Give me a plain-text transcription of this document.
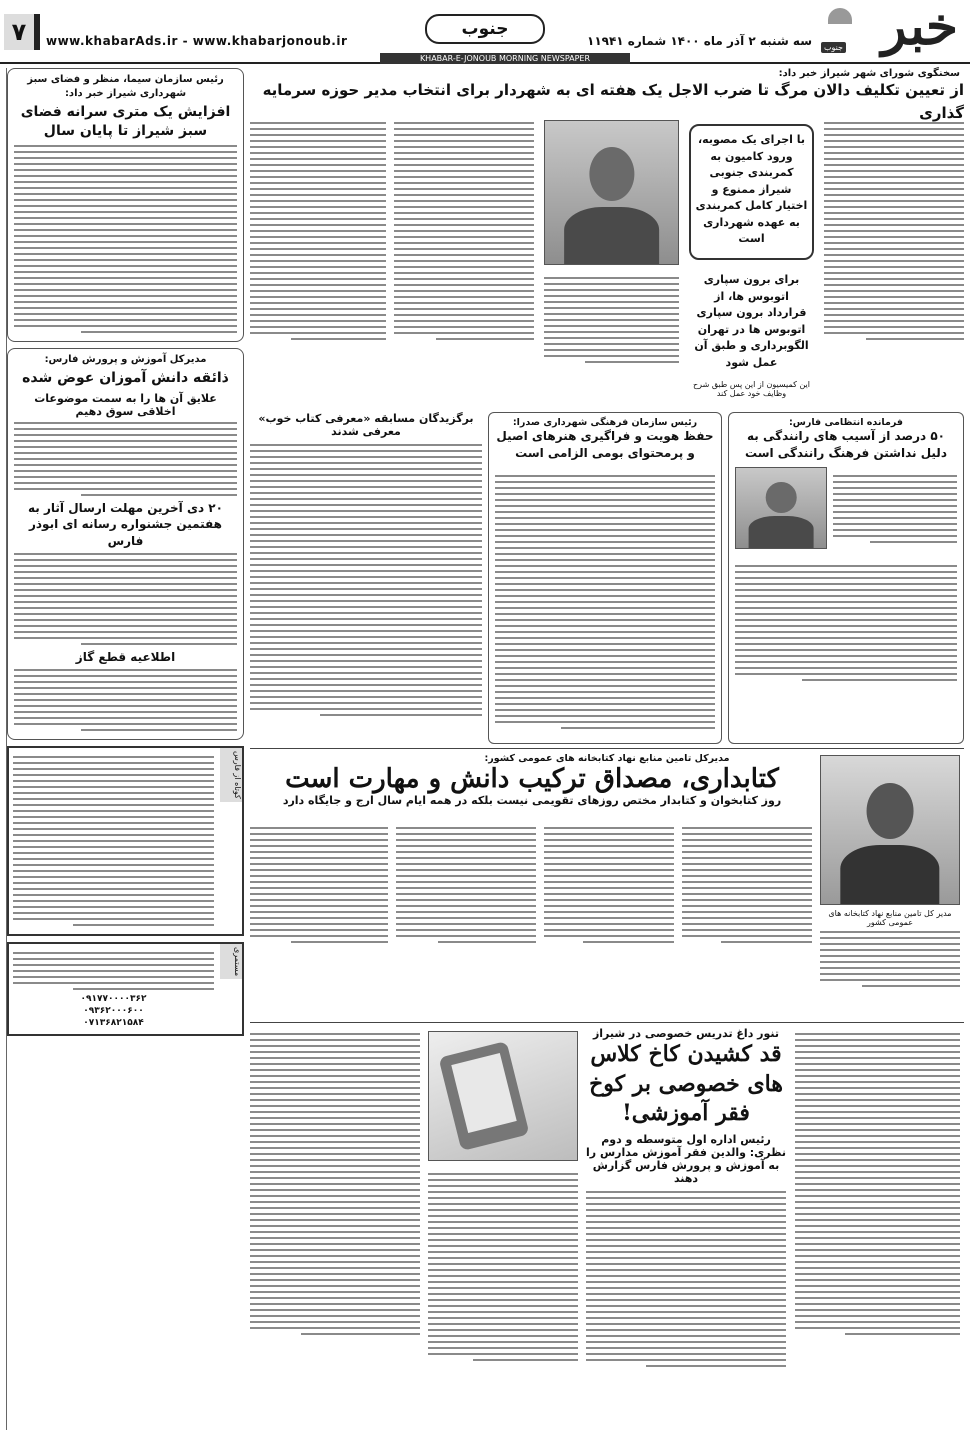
خبر
جنوب
سه شنبه ۲ آذر ماه ۱۴۰۰ شماره ۱۱۹۴۱
جنوب
۷	www.khabarAds.ir - www.khabarjonoub.ir
KHABAR-E-JONOUB MORNING NEWSPAPER
رئیس سازمان سیما، منظر و فضای سبز شهرداری شیراز خبر داد:
افزایش یک متری سرانه فضای سبز شیراز تا پایان سال
مدیرکل آموزش و پرورش فارس:
ذائقه دانش آموزان عوض شده
علایق آن ها را به سمت موضوعات اخلاقی سوق دهیم
۲۰ دی آخرین مهلت ارسال آثار به هفتمین جشنواره رسانه ای ابوذر فارس
اطلاعیه قطع گاز
کوتاه از فارس
مستمری
۰۹۱۷۷۰۰۰۰۳۶۲
۰۹۳۶۲۰۰۰۶۰۰
۰۷۱۳۶۸۲۱۵۸۴
سخنگوی شورای شهر شیراز خبر داد:
از تعیین تکلیف دالان مرگ تا ضرب الاجل یک هفته ای به شهردار برای انتخاب مدیر حوزه سرمایه گذاری
با اجرای یک مصوبه، ورود کامیون به کمربندی جنوبی شیراز ممنوع و اختیار کامل کمربندی به عهده شهرداری است
برای برون سپاری اتوبوس ها، از قرارداد برون سپاری اتوبوس ها در تهران الگوبرداری و طبق آن عمل شود
این کمیسیون از این پس طبق شرح وظایف خود عمل کند
فرمانده انتظامی فارس:
۵۰ درصد از آسیب های رانندگی به دلیل نداشتن فرهنگ رانندگی است
رئیس سازمان فرهنگی شهرداری صدرا:
حفظ هویت و فراگیری هنرهای اصیل و پرمحتوای بومی الزامی است
برگزیدگان مسابقه «معرفی کتاب خوب» معرفی شدند
مدیرکل تامین منابع نهاد کتابخانه های عمومی کشور:
کتابداری، مصداق ترکیب دانش و مهارت است
روز کتابخوان و کتابدار مختص روزهای تقویمی نیست بلکه در همه ایام سال ارج و جایگاه دارد
مدیر کل تامین منابع نهاد کتابخانه های عمومی کشور
تنور داغ تدریس خصوصی در شیراز
قد کشیدن کاخ کلاس های خصوصی بر کوخ فقر آموزشی!
رئیس اداره اول متوسطه و دوم نظری: والدین فقر آموزش مدارس را به آموزش و پرورش فارس گزارش دهند
